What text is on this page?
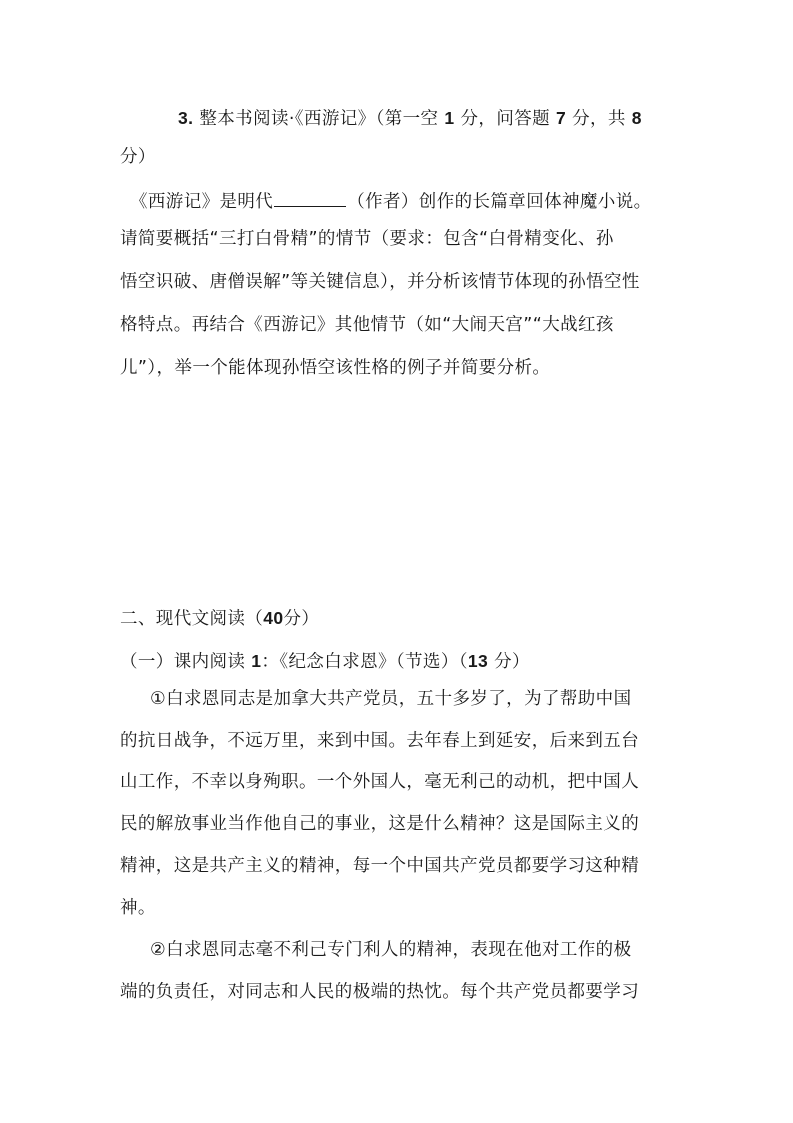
3. 整本书阅读·《西游记》（第一空 1 分，问答题 7 分，共 8
分）
《西游记》是明代	（作者）创作的长篇章回体神魔小说。
请简要概括“三打白骨精”的情节（要求：包含“白骨精变化、孙
悟空识破、唐僧误解”等关键信息），并分析该情节体现的孙悟空性
格特点。再结合《西游记》其他情节（如“大闹天宫”“大战红孩
儿”），举一个能体现孙悟空该性格的例子并简要分析。
二、现代文阅读（40分）
（一）课内阅读 1：《纪念白求恩》（节选）（13 分）
①白求恩同志是加拿大共产党员，五十多岁了，为了帮助中国
的抗日战争，不远万里，来到中国。去年春上到延安，后来到五台
山工作，不幸以身殉职。一个外国人，毫无利己的动机，把中国人
民的解放事业当作他自己的事业，这是什么精神？这是国际主义的
精神，这是共产主义的精神，每一个中国共产党员都要学习这种精
神。
②白求恩同志毫不利己专门利人的精神，表现在他对工作的极
端的负责任，对同志和人民的极端的热忱。每个共产党员都要学习
